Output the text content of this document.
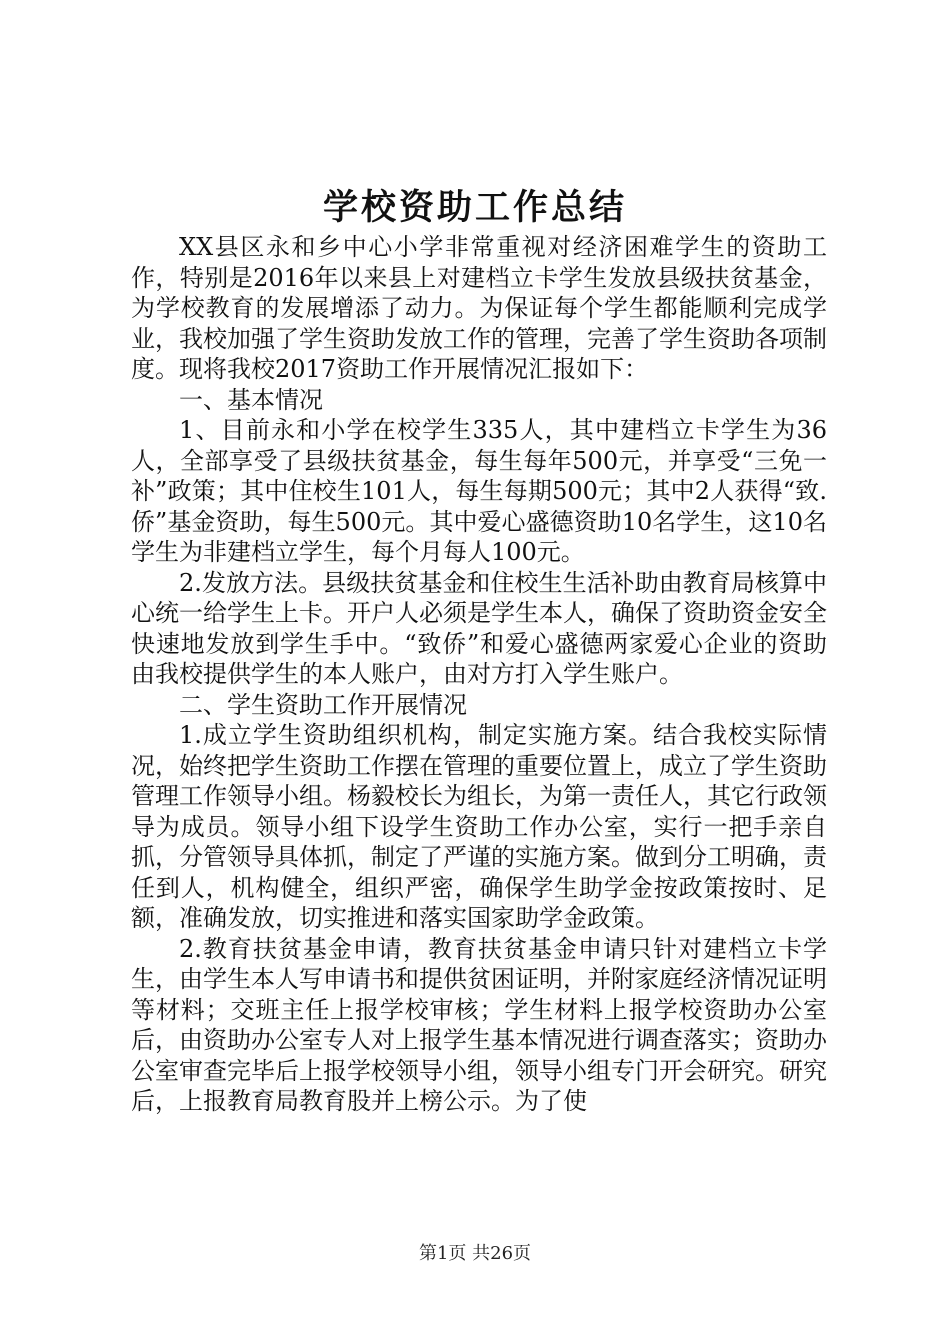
学校资助工作总结

XX县区永和乡中心小学非常重视对经济困难学生的资助工作，特别是2016年以来县上对建档立卡学生发放县级扶贫基金，为学校教育的发展增添了动力。为保证每个学生都能顺利完成学业，我校加强了学生资助发放工作的管理，完善了学生资助各项制度。现将我校2017资助工作开展情况汇报如下：

一、基本情况

1、目前永和小学在校学生335人，其中建档立卡学生为36人，全部享受了县级扶贫基金，每生每年500元，并享受“三免一补”政策；其中住校生101人，每生每期500元；其中2人获得“致.侨”基金资助，每生500元。其中爱心盛德资助10名学生，这10名学生为非建档立学生，每个月每人100元。

2.发放方法。县级扶贫基金和住校生生活补助由教育局核算中心统一给学生上卡。开户人必须是学生本人，确保了资助资金安全快速地发放到学生手中。“致侨”和爱心盛德两家爱心企业的资助由我校提供学生的本人账户，由对方打入学生账户。

二、学生资助工作开展情况

1.成立学生资助组织机构，制定实施方案。结合我校实际情况，始终把学生资助工作摆在管理的重要位置上，成立了学生资助管理工作领导小组。杨毅校长为组长，为第一责任人，其它行政领导为成员。领导小组下设学生资助工作办公室，实行一把手亲自抓，分管领导具体抓，制定了严谨的实施方案。做到分工明确，责任到人，机构健全，组织严密，确保学生助学金按政策按时、足额，准确发放，切实推进和落实国家助学金政策。

2.教育扶贫基金申请，教育扶贫基金申请只针对建档立卡学生，由学生本人写申请书和提供贫困证明，并附家庭经济情况证明等材料；交班主任上报学校审核；学生材料上报学校资助办公室后，由资助办公室专人对上报学生基本情况进行调查落实；资助办公室审查完毕后上报学校领导小组，领导小组专门开会研究。研究后，上报教育局教育股并上榜公示。为了使

第1页 共26页
